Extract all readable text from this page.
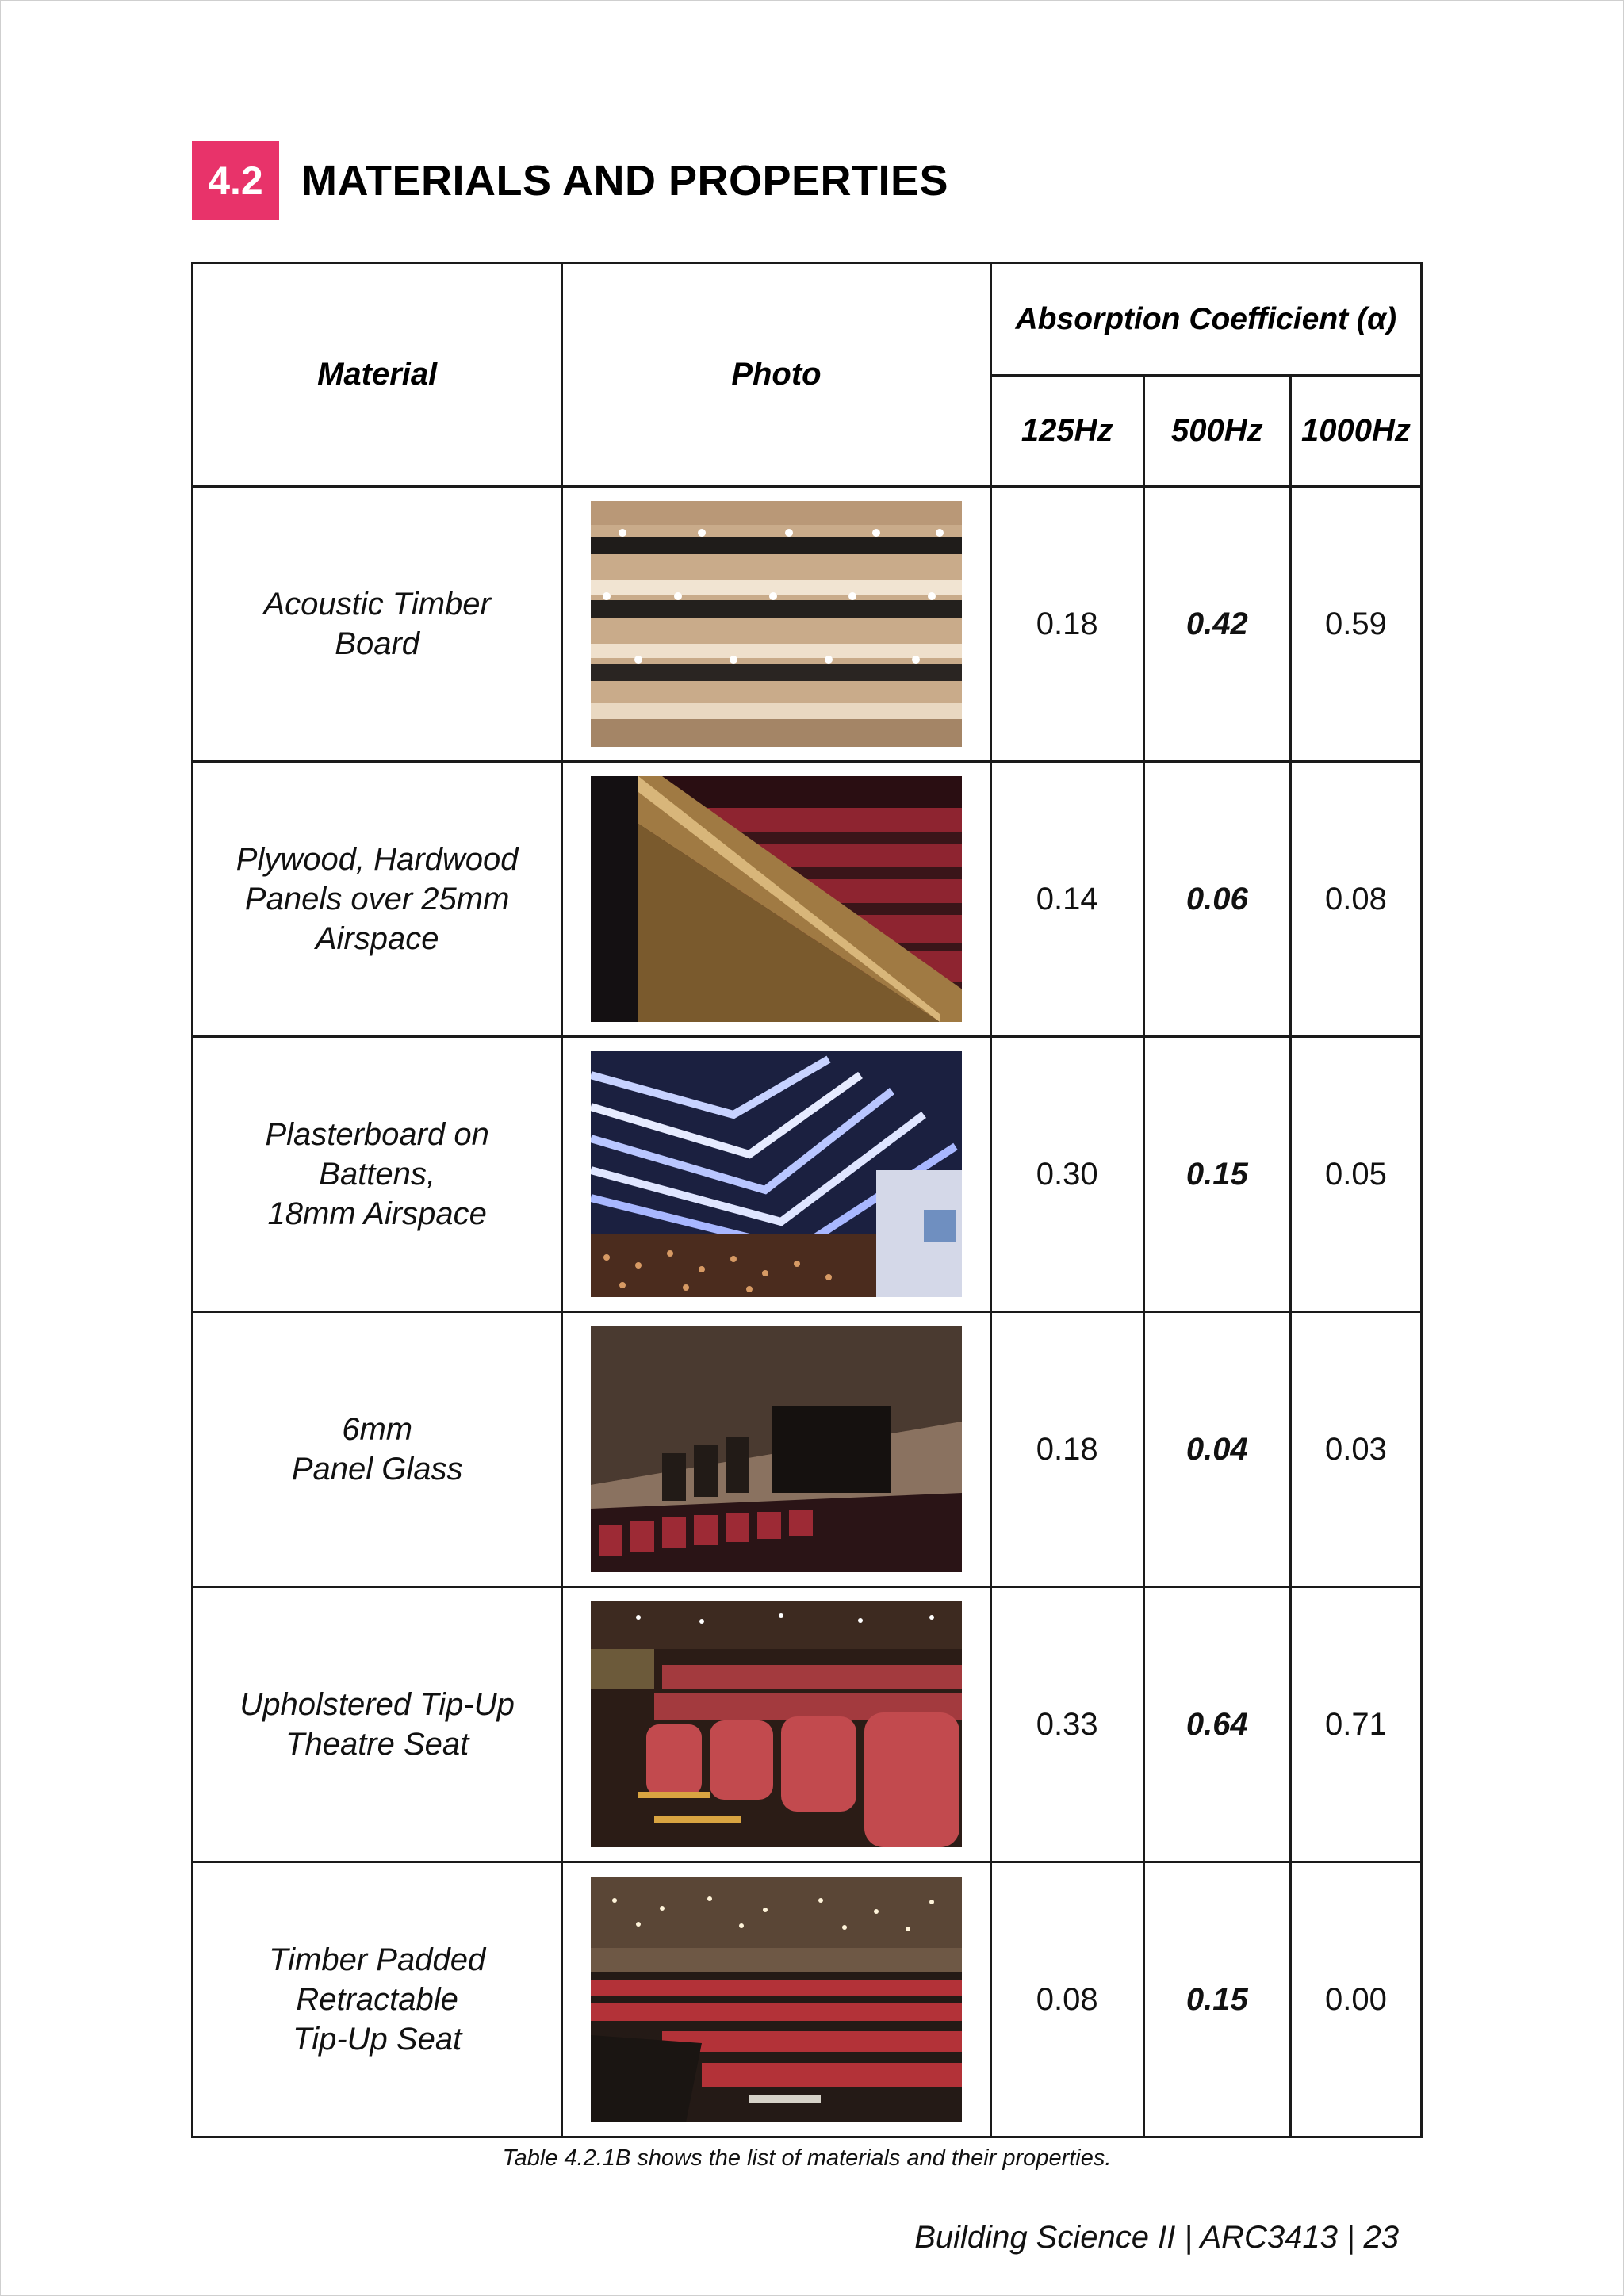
4.2 MATERIALS AND PROPERTIES
Material	Photo	Absorption Coefficient (α)		
		125Hz	500Hz	1000Hz
Acoustic Timber
Board		0.18	0.42	0.59
Plywood, Hardwood
Panels over 25mm
Airspace		0.14	0.06	0.08
Plasterboard on
Battens,
18mm Airspace		0.30	0.15	0.05
6mm
Panel Glass		0.18	0.04	0.03
Upholstered Tip-Up
Theatre Seat		0.33	0.64	0.71
Timber Padded
Retractable
Tip-Up Seat		0.08	0.15	0.00
Table 4.2.1B shows the list of materials and their properties.
Building Science II | ARC3413 | 23
